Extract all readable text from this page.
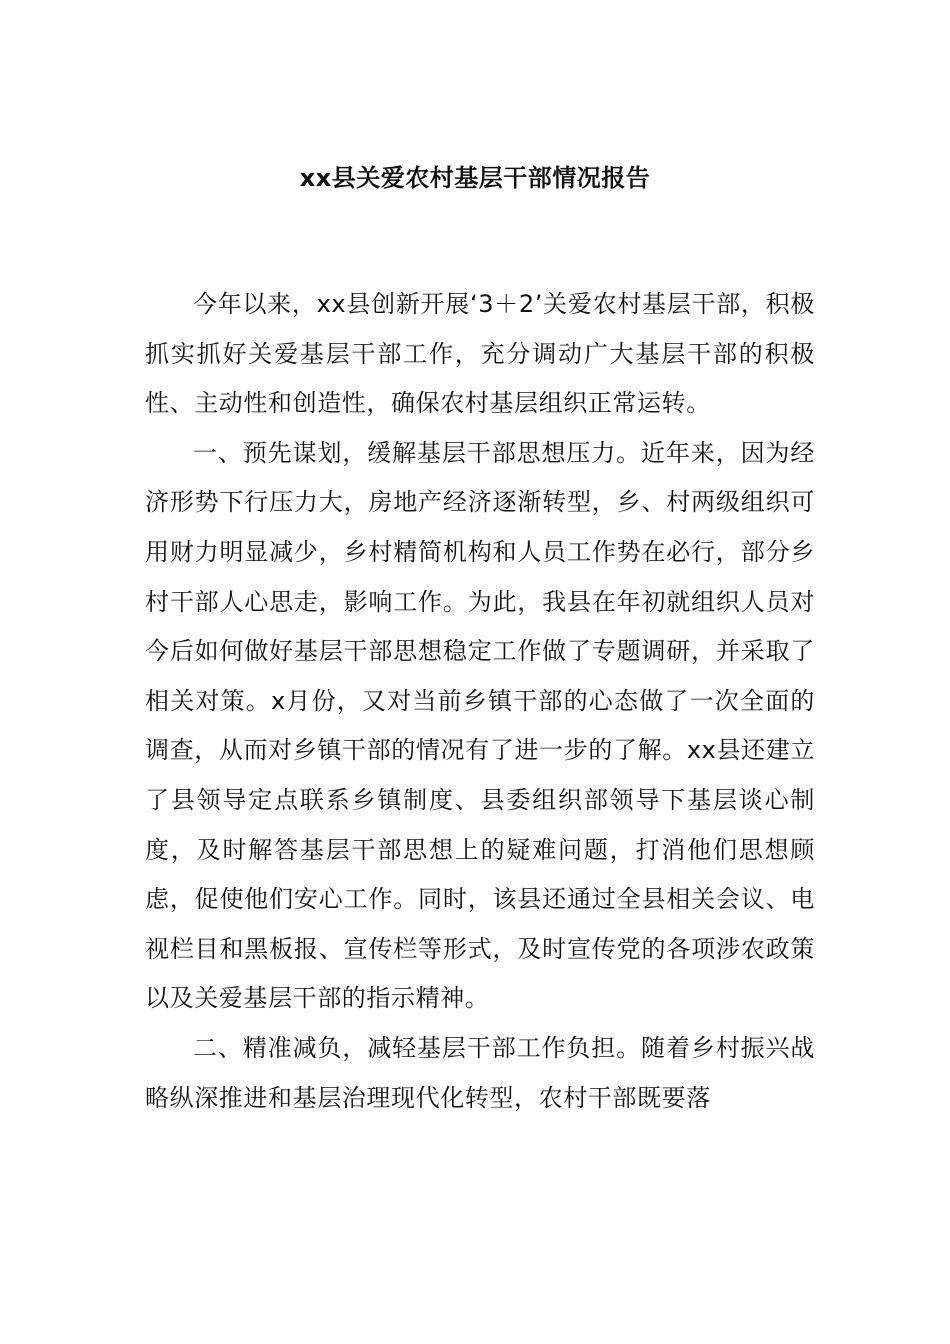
xx县关爱农村基层干部情况报告

今年以来，xx县创新开展‘3＋2’关爱农村基层干部，积极抓实抓好关爱基层干部工作，充分调动广大基层干部的积极性、主动性和创造性，确保农村基层组织正常运转。

一、预先谋划，缓解基层干部思想压力。近年来，因为经济形势下行压力大，房地产经济逐渐转型，乡、村两级组织可用财力明显减少，乡村精简机构和人员工作势在必行，部分乡村干部人心思走，影响工作。为此，我县在年初就组织人员对今后如何做好基层干部思想稳定工作做了专题调研，并采取了相关对策。x月份，又对当前乡镇干部的心态做了一次全面的调查，从而对乡镇干部的情况有了进一步的了解。xx县还建立了县领导定点联系乡镇制度、县委组织部领导下基层谈心制度，及时解答基层干部思想上的疑难问题，打消他们思想顾虑，促使他们安心工作。同时，该县还通过全县相关会议、电视栏目和黑板报、宣传栏等形式，及时宣传党的各项涉农政策以及关爱基层干部的指示精神。

二、精准减负，减轻基层干部工作负担。随着乡村振兴战略纵深推进和基层治理现代化转型，农村干部既要落
